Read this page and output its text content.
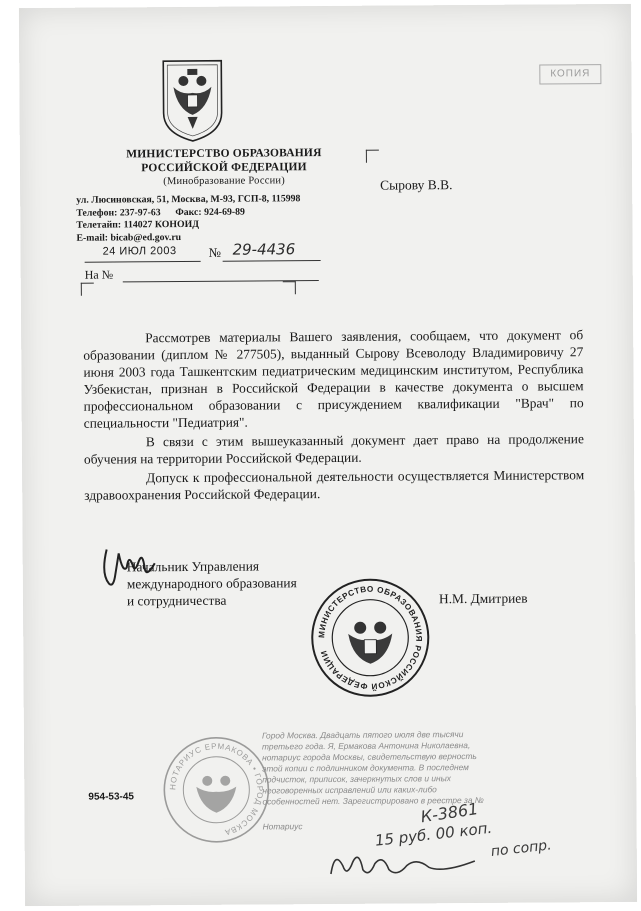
МИНИСТЕРСТВО ОБРАЗОВАНИЯ
РОССИЙСКОЙ ФЕДЕРАЦИИ
(Минобразование России)
ул. Люсиновская, 51, Москва, М-93, ГСП-8, 115998
Телефон: 237-97-63      Факс: 924-69-89
Телетайп: 114027 КОНОИД
E-mail: bicab@ed.gov.ru
24 ИЮЛ 2003 № 29-4436
На №
КОПИЯ
Сырову В.В.

Рассмотрев материалы Вашего заявления, сообщаем, что документ об образовании (диплом № 277505), выданный Сырову Всеволоду Владимировичу 27 июня 2003 года Ташкентским педиатрическим медицинским институтом, Республика Узбекистан, признан в Российской Федерации в качестве документа о высшем профессиональном образовании с присуждением квалификации "Врач" по специальности "Педиатрия".

В связи с этим вышеуказанный документ дает право на продолжение обучения на территории Российской Федерации.

Допуск к профессиональной деятельности осуществляется Министерством здравоохранения Российской Федерации.

Начальник Управления
международного образования
и сотрудничества	Н.М. Дмитриев
МИНИСТЕРСТВО ОБРАЗОВАНИЯ РОССИЙСКОЙ ФЕДЕРАЦИИ
НОТАРИУС ЕРМАКОВА • ГОРОД МОСКВА
954-53-45
Город Москва. Двадцать пятого июля две тысячи третьего года. Я, Ермакова Антонина Николаевна, нотариус города Москвы, свидетельствую верность этой копии с подлинником документа. В последнем подчисток, приписок, зачеркнутых слов и иных неоговоренных исправлений или каких-либо особенностей нет. Зарегистрировано в реестре за №
Нотариус
К-3861
15 руб. 00 коп.
по сопр.
